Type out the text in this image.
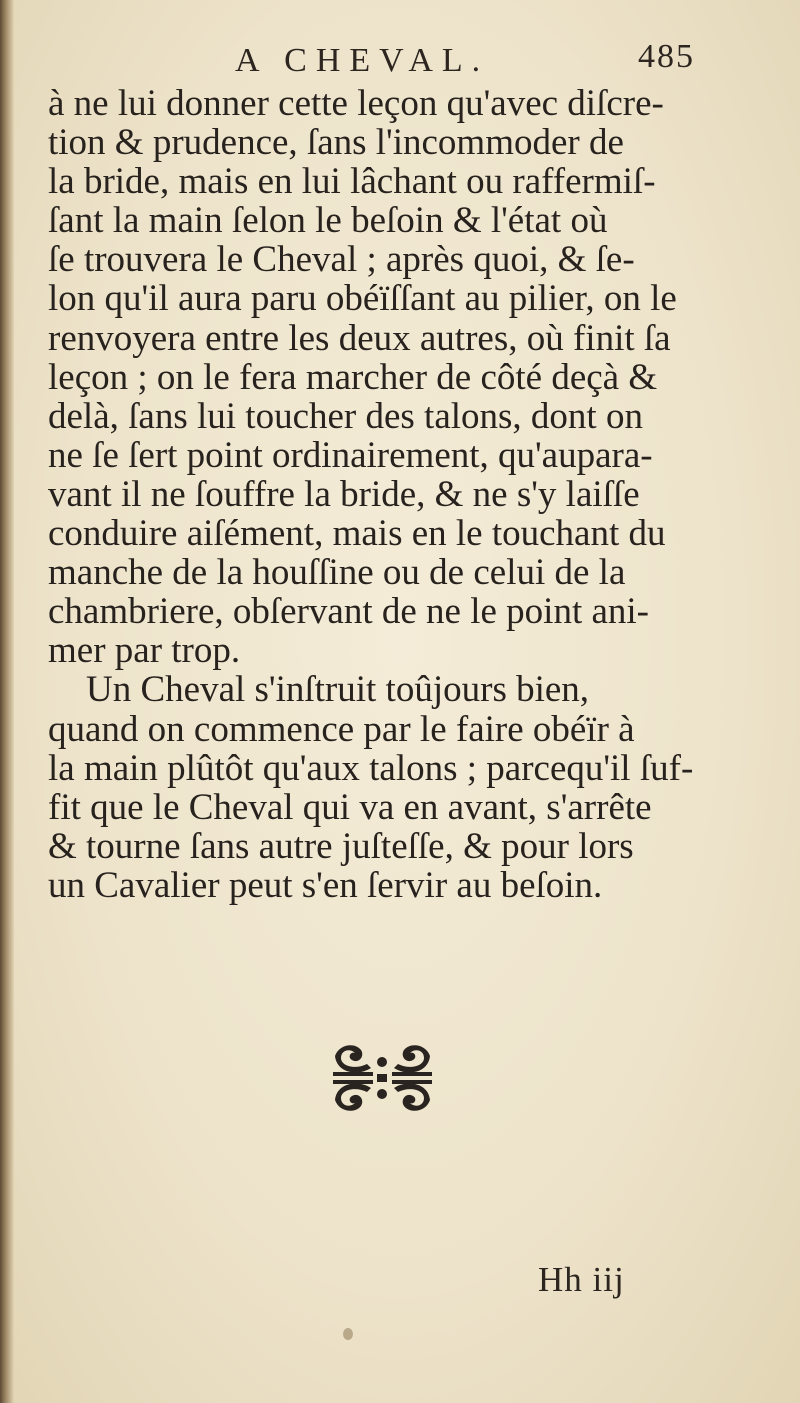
A CHEVAL.	485
à ne lui donner cette leçon qu'avec diſcre-
tion & prudence, ſans l'incommoder de
la bride, mais en lui lâchant ou raffermiſ-
ſant la main ſelon le beſoin & l'état où
ſe trouvera le Cheval ; après quoi, & ſe-
lon qu'il aura paru obéïſſant au pilier, on le
renvoyera entre les deux autres, où finit ſa
leçon ; on le fera marcher de côté deçà &
delà, ſans lui toucher des talons, dont on
ne ſe ſert point ordinairement, qu'aupara-
vant il ne ſouffre la bride, & ne s'y laiſſe
conduire aiſément, mais en le touchant du
manche de la houſſine ou de celui de la
chambriere, obſervant de ne le point ani-
mer par trop.
Un Cheval s'inſtruit toûjours bien,
quand on commence par le faire obéïr à
la main plûtôt qu'aux talons ; parcequ'il ſuf-
fit que le Cheval qui va en avant, s'arrête
& tourne ſans autre juſteſſe, & pour lors
un Cavalier peut s'en ſervir au beſoin.
Hh iij
